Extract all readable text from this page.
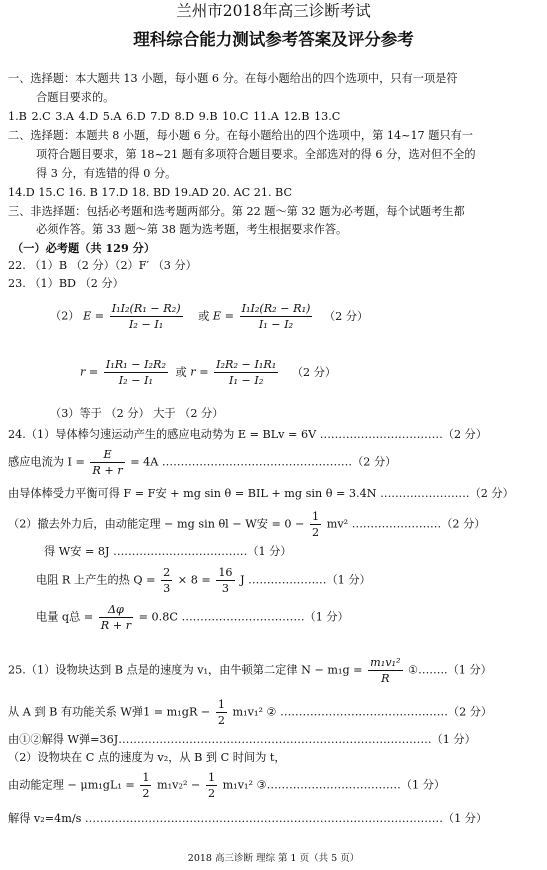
兰州市2018年高三诊断考试
理科综合能力测试参考答案及评分参考
一、选择题：本大题共 13 小题，每小题 6 分。在每小题给出的四个选项中，只有一项是符
合题目要求的。
1.B 2.C 3.A 4.D 5.A 6.D 7.D 8.D 9.B 10.C 11.A 12.B 13.C
二、选择题：本题共 8 小题，每小题 6 分。在每小题给出的四个选项中，第 14~17 题只有一
项符合题目要求，第 18~21 题有多项符合题目要求。全部选对的得 6 分，选对但不全的
得 3 分，有选错的得 0 分。
14.D 15.C 16. B 17.D 18. BD 19.AD 20. AC 21. BC
三、非选择题：包括必考题和选考题两部分。第 22 题～第 32 题为必考题，每个试题考生都
必须作答。第 33 题～第 38 题为选考题，考生根据要求作答。
（一）必考题（共 129 分）
22. （1）B （2 分）（2）F′ （3 分）
23. （1）BD （2 分）
（2） $E = \frac{\text{I₁I₂(R₁ − R₂)}}{\text{I₂ − I₁}}$ 或 $E = \frac{\text{I₁I₂(R₂ − R₁)}}{\text{I₁ − I₂}} (2$ 分）
$r = \frac{\text{I₁R₁ − I₂R₂}}{\text{I₂ − I₁}}$ 或 $r = \frac{\text{I₂R₂ − I₁R₁}}{\text{I₁ − I₂}} (2$ 分）
（3）等于 （2 分） 大于 （2 分）
24.（1）导体棒匀速运动产生的感应电动势为 E = BLv = 6V ……………………………（2 分）
感应电流为 $I = \frac{E}{R + r} = 4A$ ……………………………………………（2 分）
由导体棒受力平衡可得 F = F安 + mg sin θ = BIL + mg sin θ = 3.4N ……………………（2 分）
（2）撤去外力后，由动能定理 − mg sin θl − W安 = $0 - \frac{1}{2} mv^2$ ……………………（2 分）
得 W安 = 8J ………………………………（1 分）
电阻 R 上产生的热 $Q = \frac{2}{3} \times 8 = \frac{16}{3}$ J …………………（1 分）
电量 q总 = $\frac{\Delta\varphi}{R + r} = 0.8C$ ……………………………（1 分）
25.（1）设物块达到 B 点是的速度为 v₁，由牛顿第二定律 $N - m_1g = \frac{\text{m₁v₁²}}{R}$ ①……..（1 分）
从 A 到 B 有功能关系 W弹$1 = m_1gR - \frac{1}{2} m_1v_1^2$ ② ………………………………………（2 分）
由①②解得 W弹=36J…………………………………………………………………………（1 分）
（2）设物块在 C 点的速度为 v₂，从 B 到 C 时间为 t，
由动能定理 − $\mu m_1gL_1 = \frac{1}{2} m_1v_2^2 - \frac{1}{2} m_1v_1^2$ ③………………………………（1 分）
解得 v₂=4m/s ……………………………………………………………………………………（1 分）
2018 高三诊断 理综 第 1 页（共 5 页）
